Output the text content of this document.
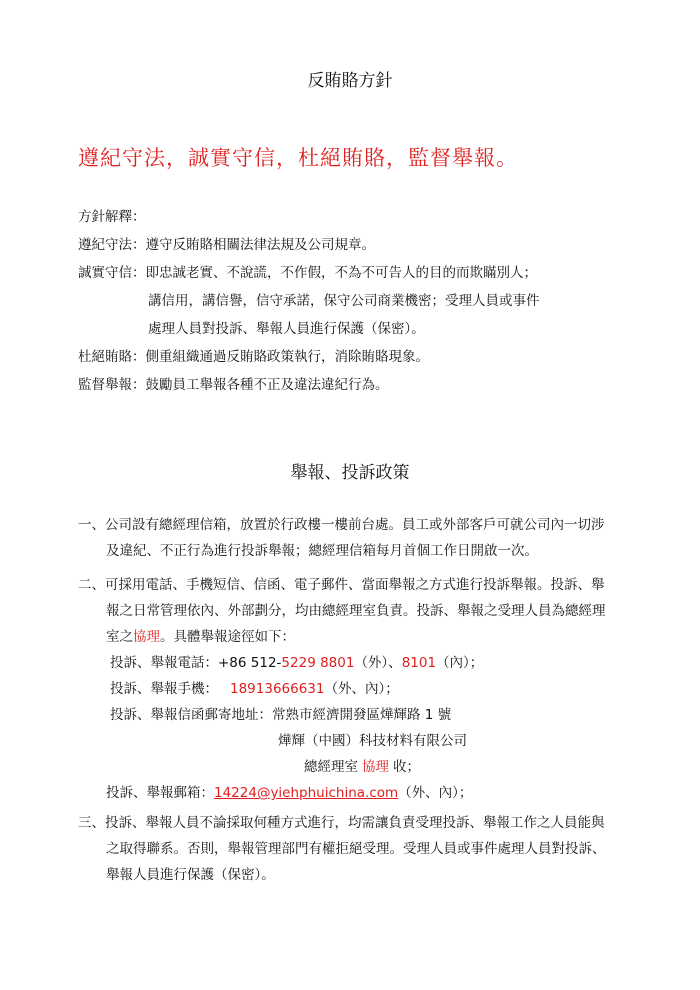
反賄賂方針
遵紀守法，誠實守信，杜絕賄賂，監督舉報。
方針解釋：
遵紀守法：遵守反賄賂相關法律法規及公司規章。
誠實守信：即忠誠老實、不說謊，不作假，不為不可告人的目的而欺瞞別人；
講信用，講信譽，信守承諾，保守公司商業機密；受理人員或事件
處理人員對投訴、舉報人員進行保護（保密）。
杜絕賄賂：側重組織通過反賄賂政策執行，消除賄賂現象。
監督舉報：鼓勵員工舉報各種不正及違法違紀行為。
舉報、投訴政策
一、公司設有總經理信箱，放置於行政樓一樓前台處。員工或外部客戶可就公司內一切涉
及違紀、不正行為進行投訴舉報；總經理信箱每月首個工作日開啟一次。
二、可採用電話、手機短信、信函、電子郵件、當面舉報之方式進行投訴舉報。投訴、舉
報之日常管理依內、外部劃分，均由總經理室負責。投訴、舉報之受理人員為總經理
室之協理。具體舉報途徑如下：
投訴、舉報電話：+86 512-5229 8801（外）、8101（內）；
投訴、舉報手機： 18913666631（外、內）；
投訴、舉報信函郵寄地址：常熟市經濟開發區燁輝路 1 號
燁輝（中國）科技材料有限公司
總經理室 協理 收；
投訴、舉報郵箱：14224@yiehphuichina.com（外、內）；
三、投訴、舉報人員不論採取何種方式進行，均需讓負責受理投訴、舉報工作之人員能與
之取得聯系。否則，舉報管理部門有權拒絕受理。受理人員或事件處理人員對投訴、
舉報人員進行保護（保密）。
